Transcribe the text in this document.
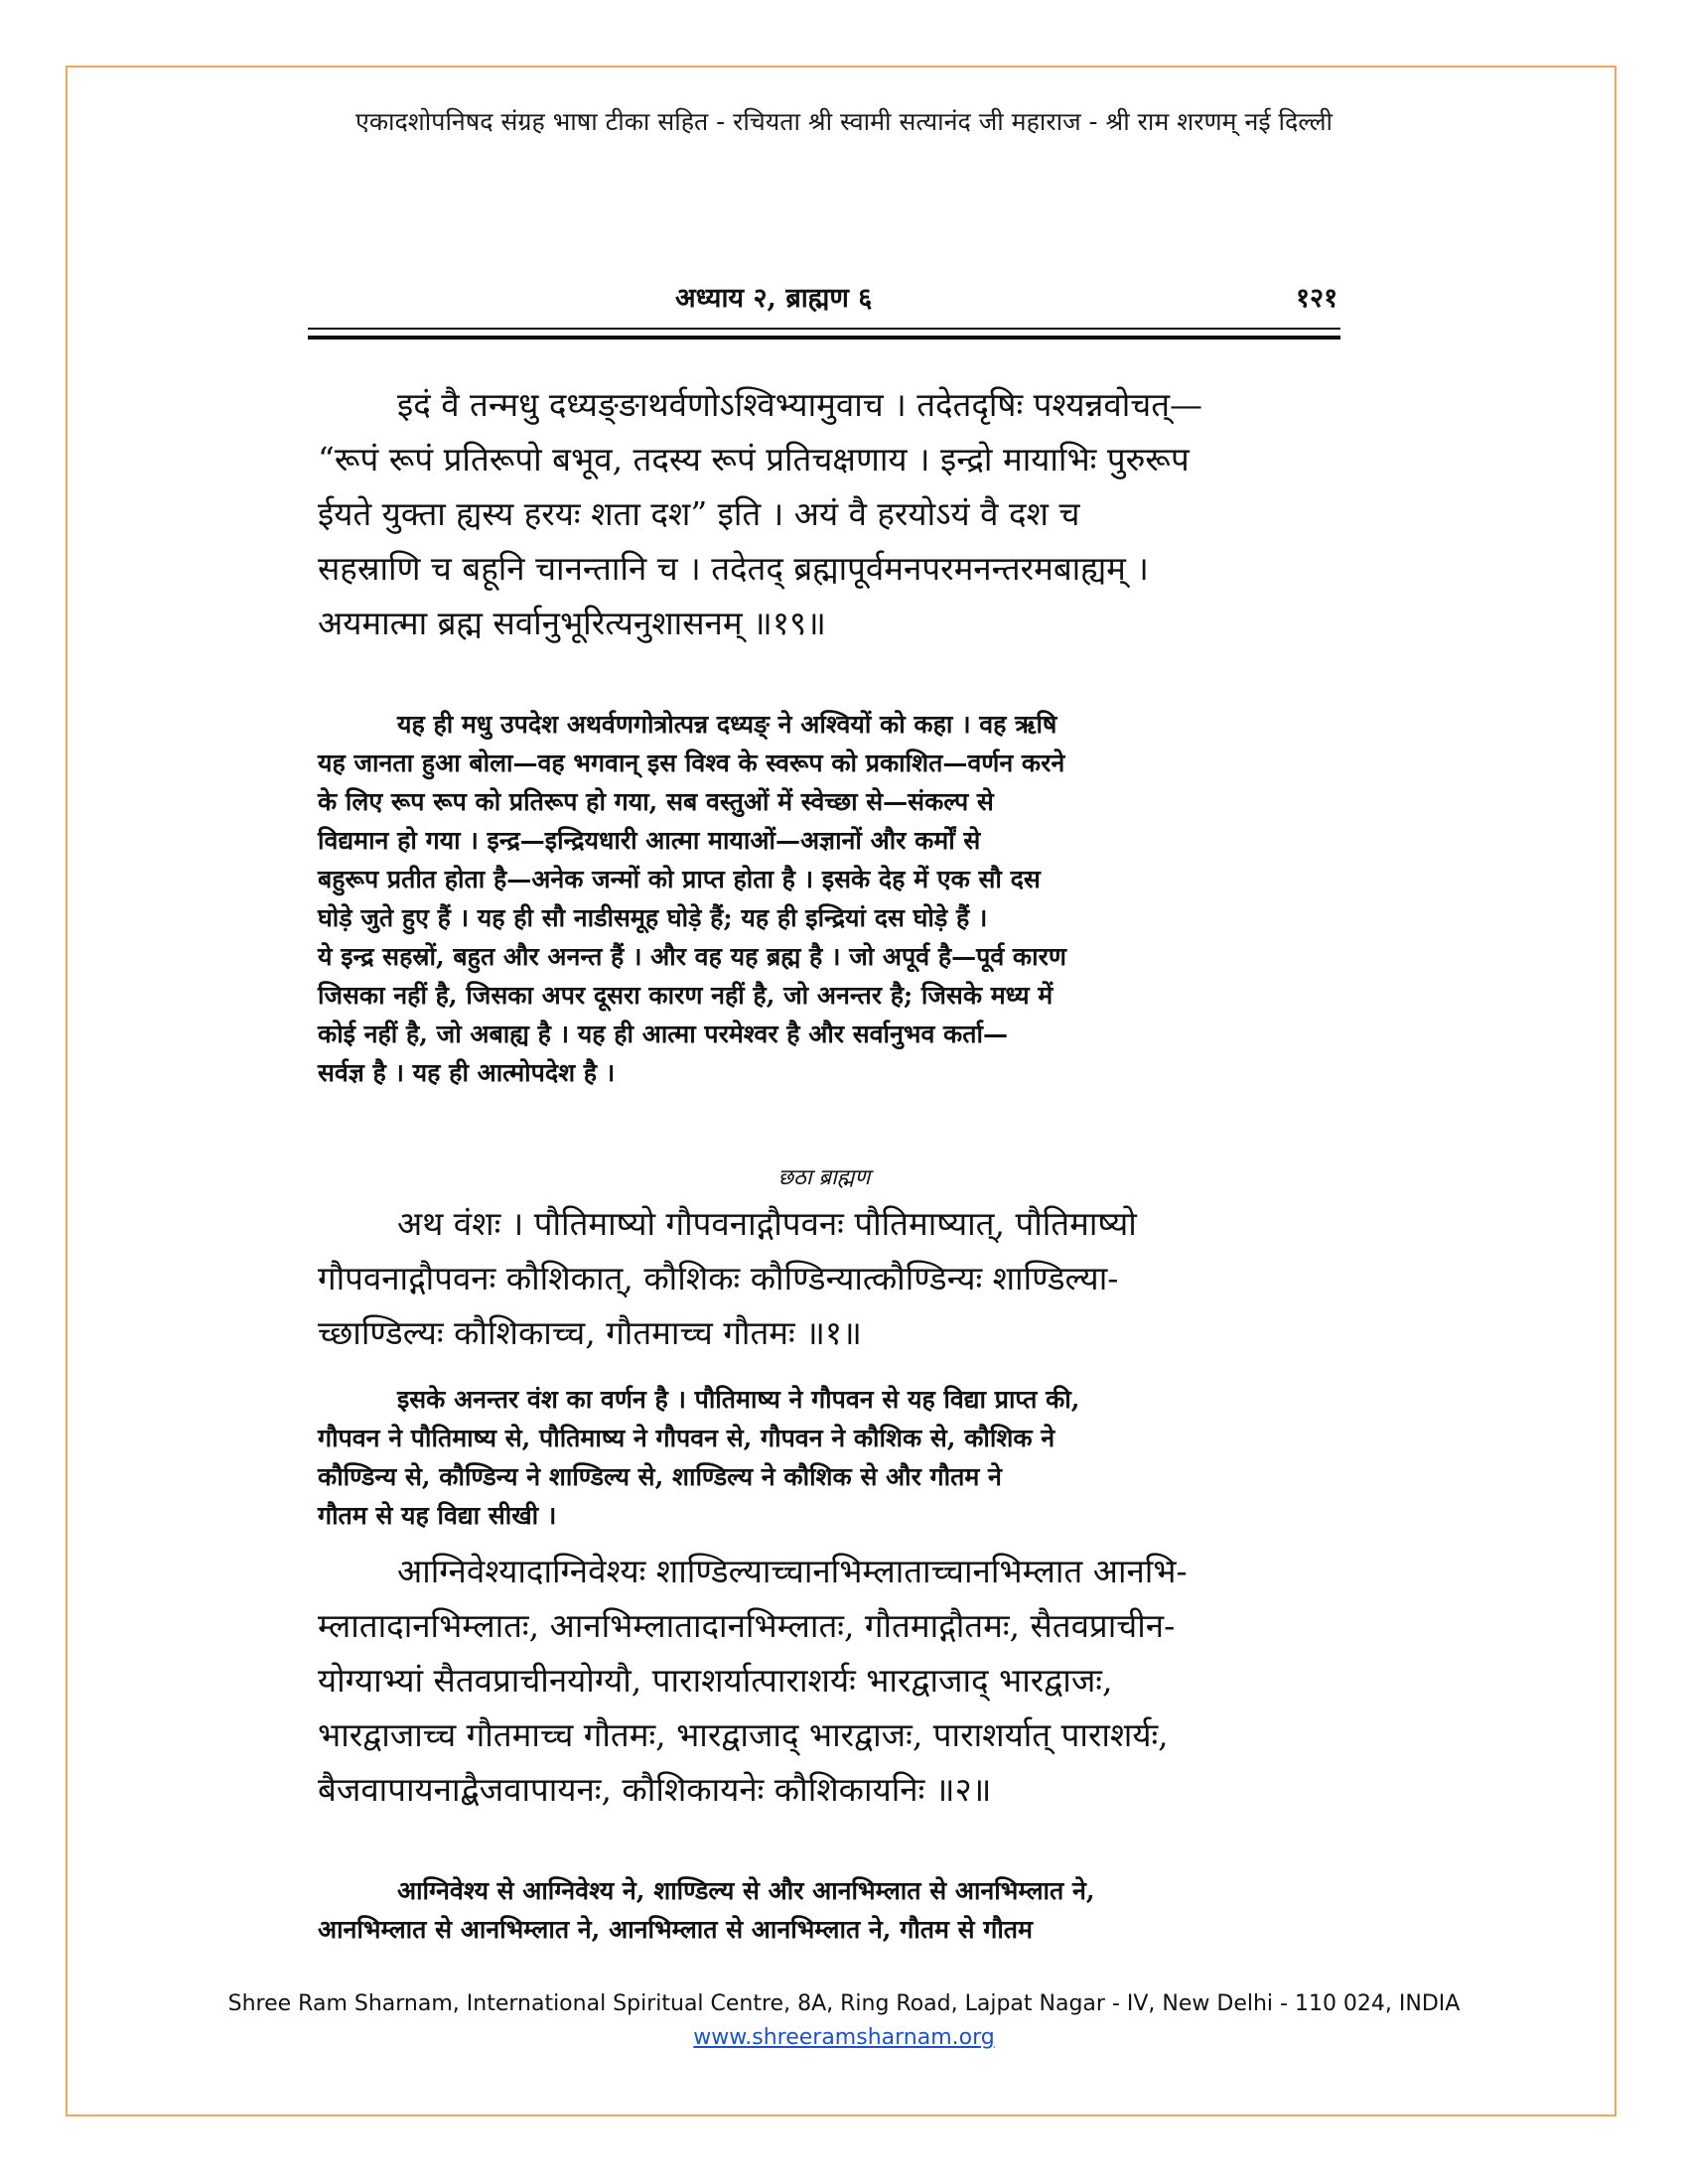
एकादशोपनिषद संग्रह भाषा टीका सहित - रचियता श्री स्वामी सत्यानंद जी महाराज - श्री राम शरणम् नई दिल्ली
अध्याय २, ब्राह्मण ६	१२१
इदं वै तन्मधु दध्यङ्ङाथर्वणोऽश्विभ्यामुवाच । तदेतदृषिः पश्यन्नवोचत्—
“रूपं रूपं प्रतिरूपो बभूव, तदस्य रूपं प्रतिचक्षणाय । इन्द्रो मायाभिः पुरुरूप
ईयते युक्ता ह्यस्य हरयः शता दश” इति । अयं वै हरयोऽयं वै दश च
सहस्राणि च बहूनि चानन्तानि च । तदेतद् ब्रह्मापूर्वमनपरमनन्तरमबाह्यम् ।
अयमात्मा ब्रह्म सर्वानुभूरित्यनुशासनम् ॥१९॥
यह ही मधु उपदेश अथर्वणगोत्रोत्पन्न दध्यङ् ने अश्वियों को कहा । वह ऋषि
यह जानता हुआ बोला—वह भगवान् इस विश्व के स्वरूप को प्रकाशित—वर्णन करने
के लिए रूप रूप को प्रतिरूप हो गया, सब वस्तुओं में स्वेच्छा से—संकल्प से
विद्यमान हो गया । इन्द्र—इन्द्रियधारी आत्मा मायाओं—अज्ञानों और कर्मों से
बहुरूप प्रतीत होता है—अनेक जन्मों को प्राप्त होता है । इसके देह में एक सौ दस
घोड़े जुते हुए हैं । यह ही सौ नाडीसमूह घोड़े हैं; यह ही इन्द्रियां दस घोड़े हैं ।
ये इन्द्र सहस्रों, बहुत और अनन्त हैं । और वह यह ब्रह्म है । जो अपूर्व है—पूर्व कारण
जिसका नहीं है, जिसका अपर दूसरा कारण नहीं है, जो अनन्तर है; जिसके मध्य में
कोई नहीं है, जो अबाह्य है । यह ही आत्मा परमेश्वर है और सर्वानुभव कर्ता—
सर्वज्ञ है । यह ही आत्मोपदेश है ।
छठा ब्राह्मण
अथ वंशः । पौतिमाष्यो गौपवनाद्गौपवनः पौतिमाष्यात्, पौतिमाष्यो
गौपवनाद्गौपवनः कौशिकात्, कौशिकः कौण्डिन्यात्कौण्डिन्यः शाण्डिल्या-
च्छाण्डिल्यः कौशिकाच्च, गौतमाच्च गौतमः ॥१॥
इसके अनन्तर वंश का वर्णन है । पौतिमाष्य ने गौपवन से यह विद्या प्राप्त की,
गौपवन ने पौतिमाष्य से, पौतिमाष्य ने गौपवन से, गौपवन ने कौशिक से, कौशिक ने
कौण्डिन्य से, कौण्डिन्य ने शाण्डिल्य से, शाण्डिल्य ने कौशिक से और गौतम ने
गौतम से यह विद्या सीखी ।
आग्निवेश्यादाग्निवेश्यः शाण्डिल्याच्चानभिम्लाताच्चानभिम्लात आनभि-
म्लातादानभिम्लातः, आनभिम्लातादानभिम्लातः, गौतमाद्गौतमः, सैतवप्राचीन-
योग्याभ्यां सैतवप्राचीनयोग्यौ, पाराशर्यात्पाराशर्यः भारद्वाजाद् भारद्वाजः,
भारद्वाजाच्च गौतमाच्च गौतमः, भारद्वाजाद् भारद्वाजः, पाराशर्यात् पाराशर्यः,
बैजवापायनाद्बैजवापायनः, कौशिकायनेः कौशिकायनिः ॥२॥
आग्निवेश्य से आग्निवेश्य ने, शाण्डिल्य से और आनभिम्लात से आनभिम्लात ने,
आनभिम्लात से आनभिम्लात ने, आनभिम्लात से आनभिम्लात ने, गौतम से गौतम
Shree Ram Sharnam, International Spiritual Centre, 8A, Ring Road, Lajpat Nagar - IV, New Delhi - 110 024, INDIA
www.shreeramsharnam.org
